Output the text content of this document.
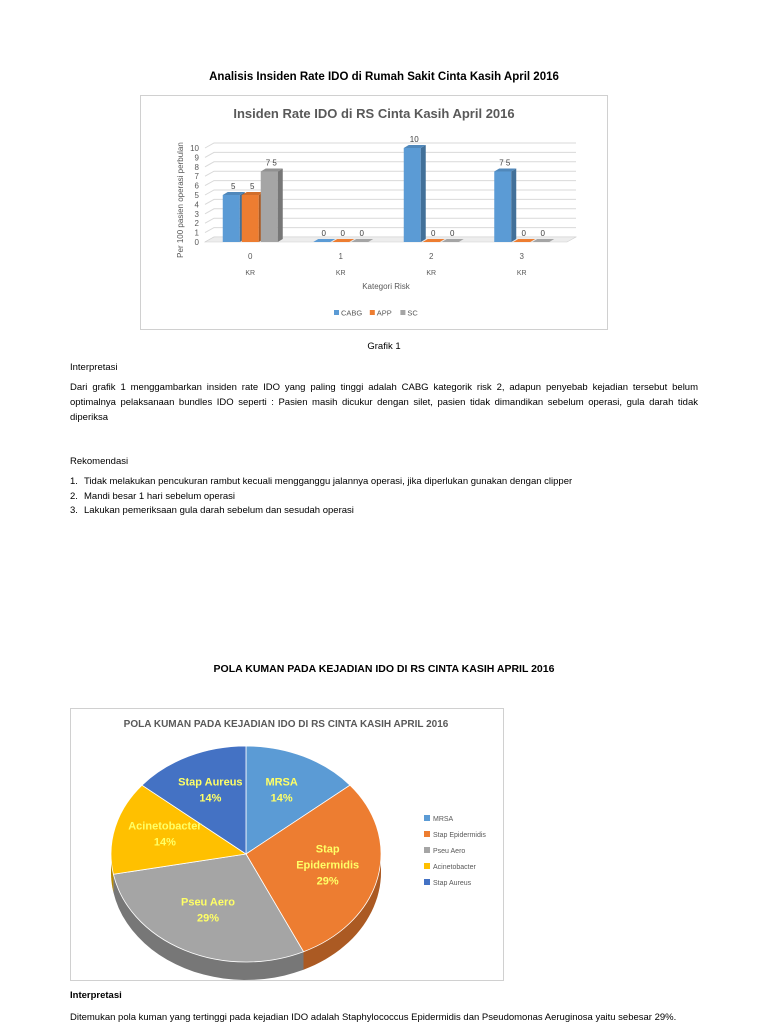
Analisis Insiden Rate IDO di Rumah Sakit Cinta Kasih April 2016
Insiden Rate IDO di RS Cinta Kasih April 2016
0
1
2
3
4
5
6
7
8
9
10
Per 100 pasien operasi perbulan	5 5
7 5
0
KR
0 0 0
1
KR
10
0 0
2
KR
7 5
0 0
3
KR
Kategori Risk
CABG APP SC
Grafik 1
Interpretasi
Dari grafik 1 menggambarkan insiden rate IDO yang paling tinggi adalah CABG kategorik risk 2, adapun penyebab kejadian tersebut belum optimalnya pelaksanaan bundles IDO seperti : Pasien masih dicukur dengan silet, pasien tidak dimandikan sebelum operasi, gula darah tidak diperiksa
Rekomendasi
1. Tidak melakukan pencukuran rambut kecuali mengganggu jalannya operasi, jika diperlukan gunakan dengan clipper
2. Mandi besar 1 hari sebelum operasi
3. Lakukan pemeriksaan gula darah sebelum dan sesudah operasi
POLA KUMAN PADA KEJADIAN IDO DI RS CINTA KASIH APRIL 2016
POLA KUMAN PADA KEJADIAN IDO DI RS CINTA KASIH APRIL 2016
MRSA
14%
Stap
Epidermidis
29%
Pseu Aero
29%
Acinetobacter
14%
Stap Aureus
14%
MRSA
Stap Epidermidis
Pseu Aero
Acinetobacter
Stap Aureus
Interpretasi
Ditemukan pola kuman yang tertinggi pada kejadian IDO adalah Staphylococcus Epidermidis dan Pseudomonas Aeruginosa yaitu sebesar 29%.
